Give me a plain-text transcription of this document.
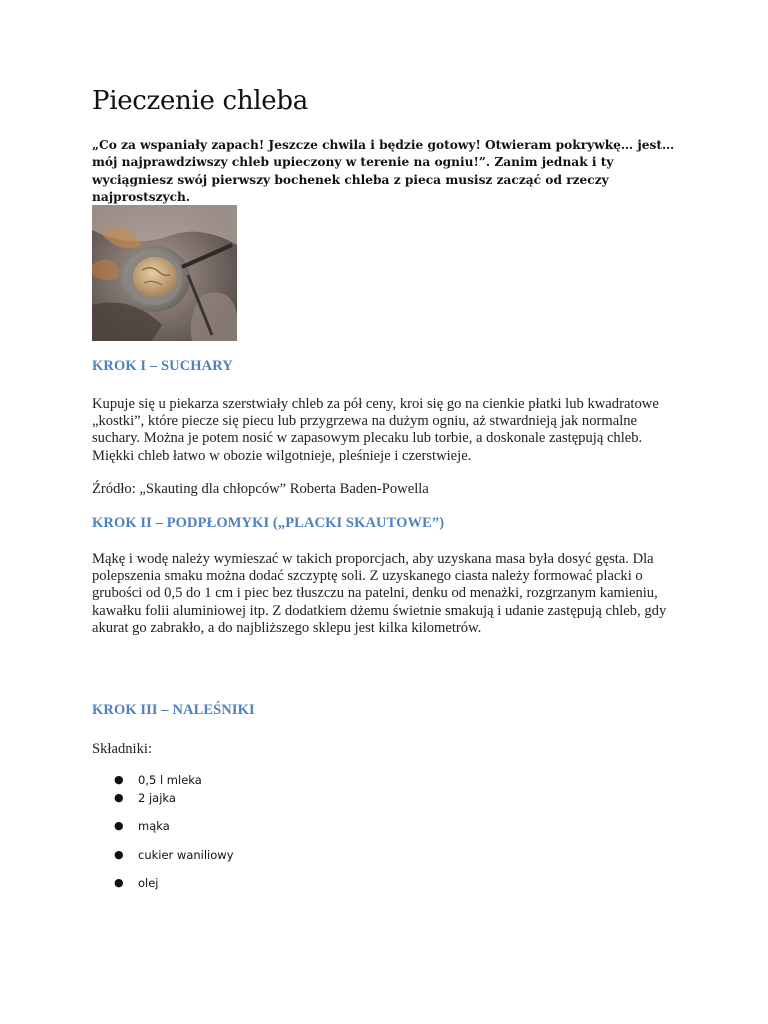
Pieczenie chleba

„Co za wspaniały zapach! Jeszcze chwila i będzie gotowy! Otwieram pokrywkę… jest… mój najprawdziwszy chleb upieczony w terenie na ogniu!”. Zanim jednak i ty wyciągniesz swój pierwszy bochenek chleba z pieca musisz zacząć od rzeczy najprostszych.

KROK I – SUCHARY

Kupuje się u piekarza szerstwiały chleb za pół ceny, kroi się go na cienkie płatki lub kwadratowe „kostki”, które piecze się piecu lub przygrzewa na dużym ogniu, aż stwardnieją jak normalne suchary. Można je potem nosić w zapasowym plecaku lub torbie, a doskonale zastępują chleb. Miękki chleb łatwo w obozie wilgotnieje, pleśnieje i czerstwieje.

Źródło: „Skauting dla chłopców” Roberta Baden-Powella

KROK II – PODPŁOMYKI („PLACKI SKAUTOWE”)

Mąkę i wodę należy wymieszać w takich proporcjach, aby uzyskana masa była dosyć gęsta. Dla polepszenia smaku można dodać szczyptę soli. Z uzyskanego ciasta należy formować placki o grubości od 0,5 do 1 cm i piec bez tłuszczu na patelni, denku od menażki, rozgrzanym kamieniu, kawałku folii aluminiowej itp. Z dodatkiem dżemu świetnie smakują i udanie zastępują chleb, gdy akurat go zabrakło, a do najbliższego sklepu jest kilka kilometrów.

KROK III – NALEŚNIKI

Składniki:

● 0,5 l mleka
● 2 jajka
● mąka
● cukier waniliowy
● olej
